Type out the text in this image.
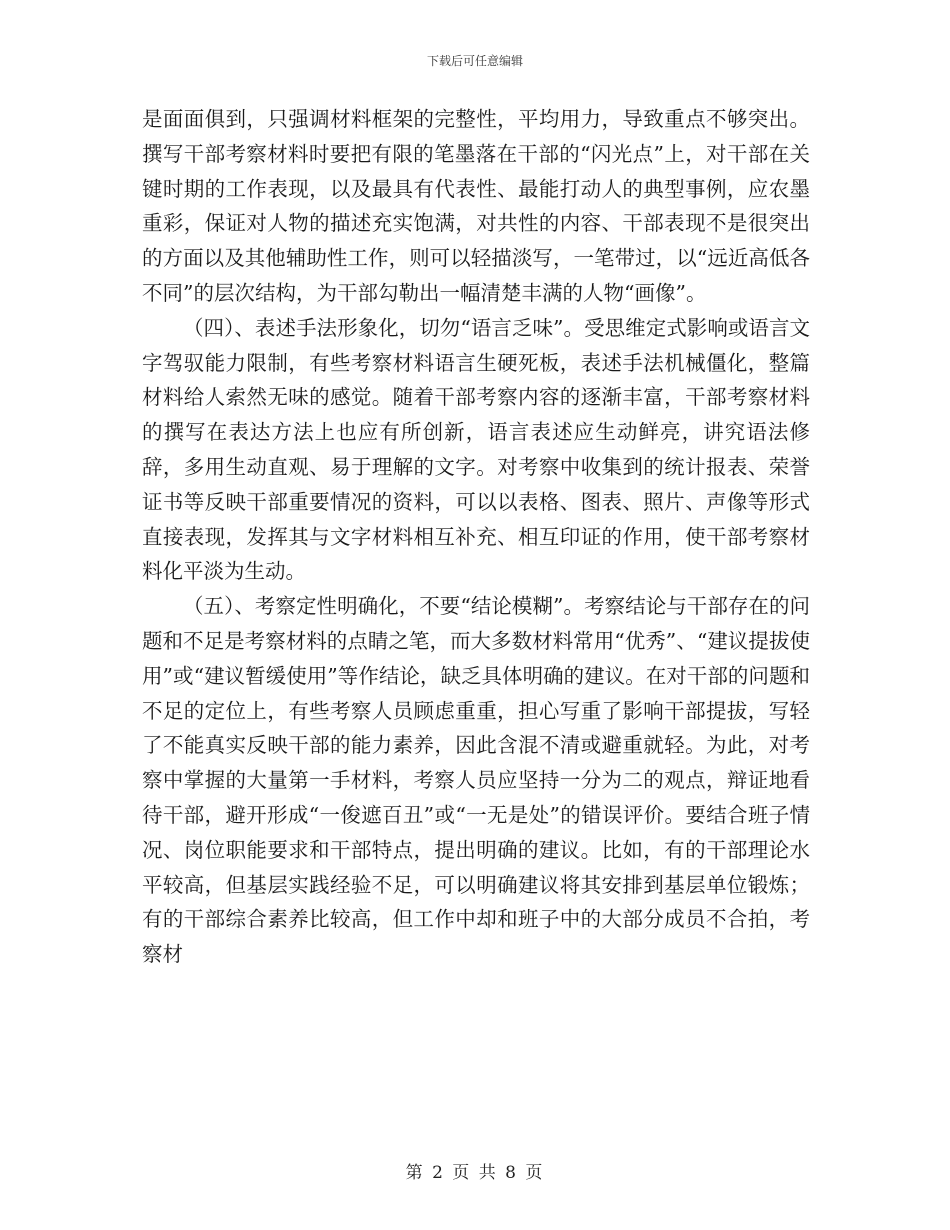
下载后可任意编辑

是面面俱到，只强调材料框架的完整性，平均用力，导致重点不够突出。撰写干部考察材料时要把有限的笔墨落在干部的“闪光点”上，对干部在关键时期的工作表现，以及最具有代表性、最能打动人的典型事例，应农墨重彩，保证对人物的描述充实饱满，对共性的内容、干部表现不是很突出的方面以及其他辅助性工作，则可以轻描淡写，一笔带过，以“远近高低各不同”的层次结构，为干部勾勒出一幅清楚丰满的人物“画像”。

（四）、表述手法形象化，切勿“语言乏味”。受思维定式影响或语言文字驾驭能力限制，有些考察材料语言生硬死板，表述手法机械僵化，整篇材料给人索然无味的感觉。随着干部考察内容的逐渐丰富，干部考察材料的撰写在表达方法上也应有所创新，语言表述应生动鲜亮，讲究语法修辞，多用生动直观、易于理解的文字。对考察中收集到的统计报表、荣誉证书等反映干部重要情况的资料，可以以表格、图表、照片、声像等形式直接表现，发挥其与文字材料相互补充、相互印证的作用，使干部考察材料化平淡为生动。

（五）、考察定性明确化，不要“结论模糊”。考察结论与干部存在的问题和不足是考察材料的点睛之笔，而大多数材料常用“优秀”、“建议提拔使用”或“建议暂缓使用”等作结论，缺乏具体明确的建议。在对干部的问题和不足的定位上，有些考察人员顾虑重重，担心写重了影响干部提拔，写轻了不能真实反映干部的能力素养，因此含混不清或避重就轻。为此，对考察中掌握的大量第一手材料，考察人员应坚持一分为二的观点，辩证地看待干部，避开形成“一俊遮百丑”或“一无是处”的错误评价。要结合班子情况、岗位职能要求和干部特点，提出明确的建议。比如，有的干部理论水平较高，但基层实践经验不足，可以明确建议将其安排到基层单位锻炼；有的干部综合素养比较高，但工作中却和班子中的大部分成员不合拍，考察材

第 2 页 共 8 页
